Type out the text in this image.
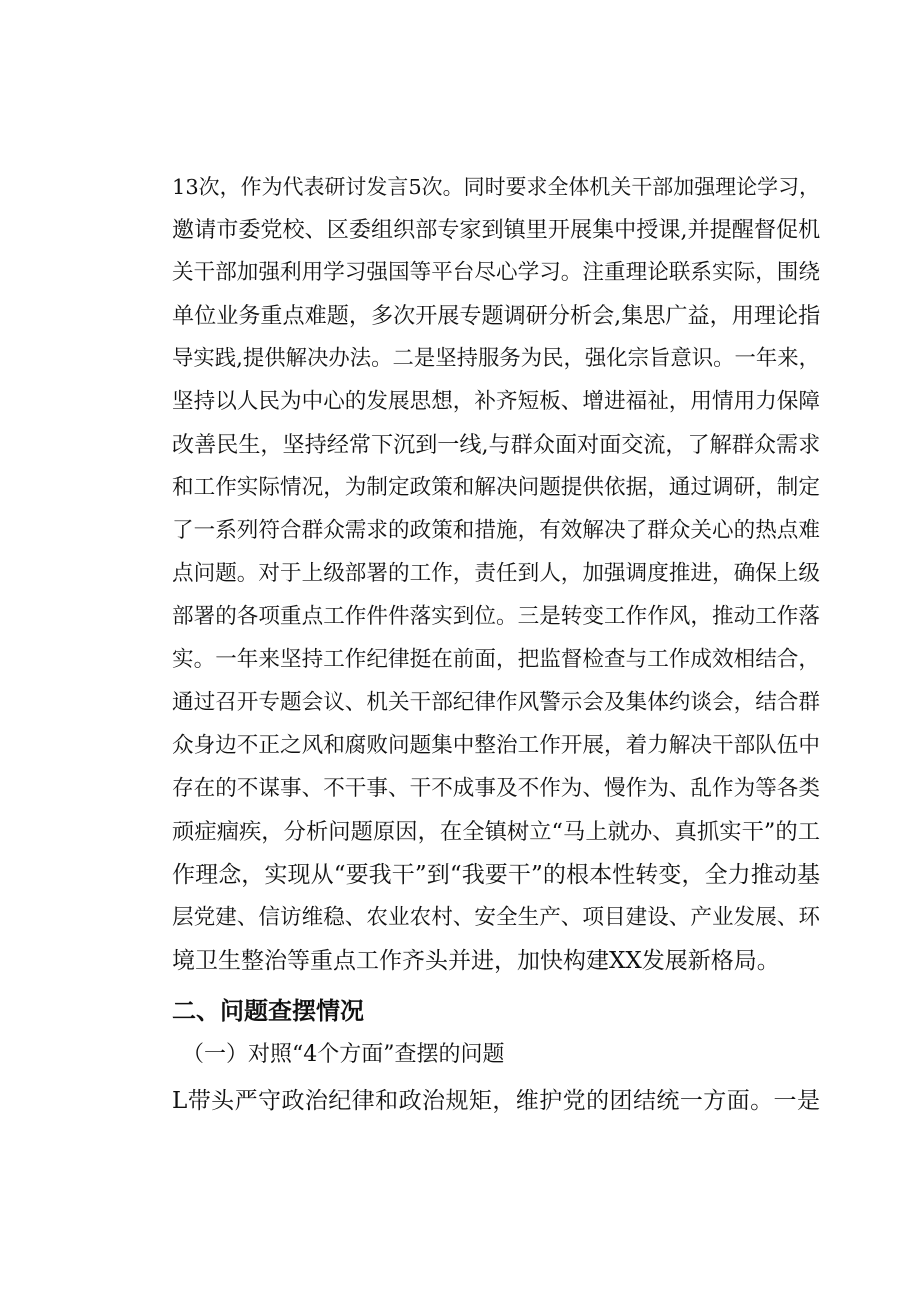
13次，作为代表研讨发言5次。同时要求全体机关干部加强理论学习，
邀请市委党校、区委组织部专家到镇里开展集中授课,并提醒督促机
关干部加强利用学习强国等平台尽心学习。注重理论联系实际，围绕
单位业务重点难题，多次开展专题调研分析会,集思广益，用理论指
导实践,提供解决办法。二是坚持服务为民，强化宗旨意识。一年来，
坚持以人民为中心的发展思想，补齐短板、增进福祉，用情用力保障
改善民生，坚持经常下沉到一线,与群众面对面交流，了解群众需求
和工作实际情况，为制定政策和解决问题提供依据，通过调研，制定
了一系列符合群众需求的政策和措施，有效解决了群众关心的热点难
点问题。对于上级部署的工作，责任到人，加强调度推进，确保上级
部署的各项重点工作件件落实到位。三是转变工作作风，推动工作落
实。一年来坚持工作纪律挺在前面，把监督检查与工作成效相结合，
通过召开专题会议、机关干部纪律作风警示会及集体约谈会，结合群
众身边不正之风和腐败问题集中整治工作开展，着力解决干部队伍中
存在的不谋事、不干事、干不成事及不作为、慢作为、乱作为等各类
顽症痼疾，分析问题原因，在全镇树立“马上就办、真抓实干”的工
作理念，实现从“要我干”到“我要干”的根本性转变，全力推动基
层党建、信访维稳、农业农村、安全生产、项目建设、产业发展、环
境卫生整治等重点工作齐头并进，加快构建XX发展新格局。
二、问题查摆情况
（一）对照“4个方面”查摆的问题
L带头严守政治纪律和政治规矩，维护党的团结统一方面。一是
